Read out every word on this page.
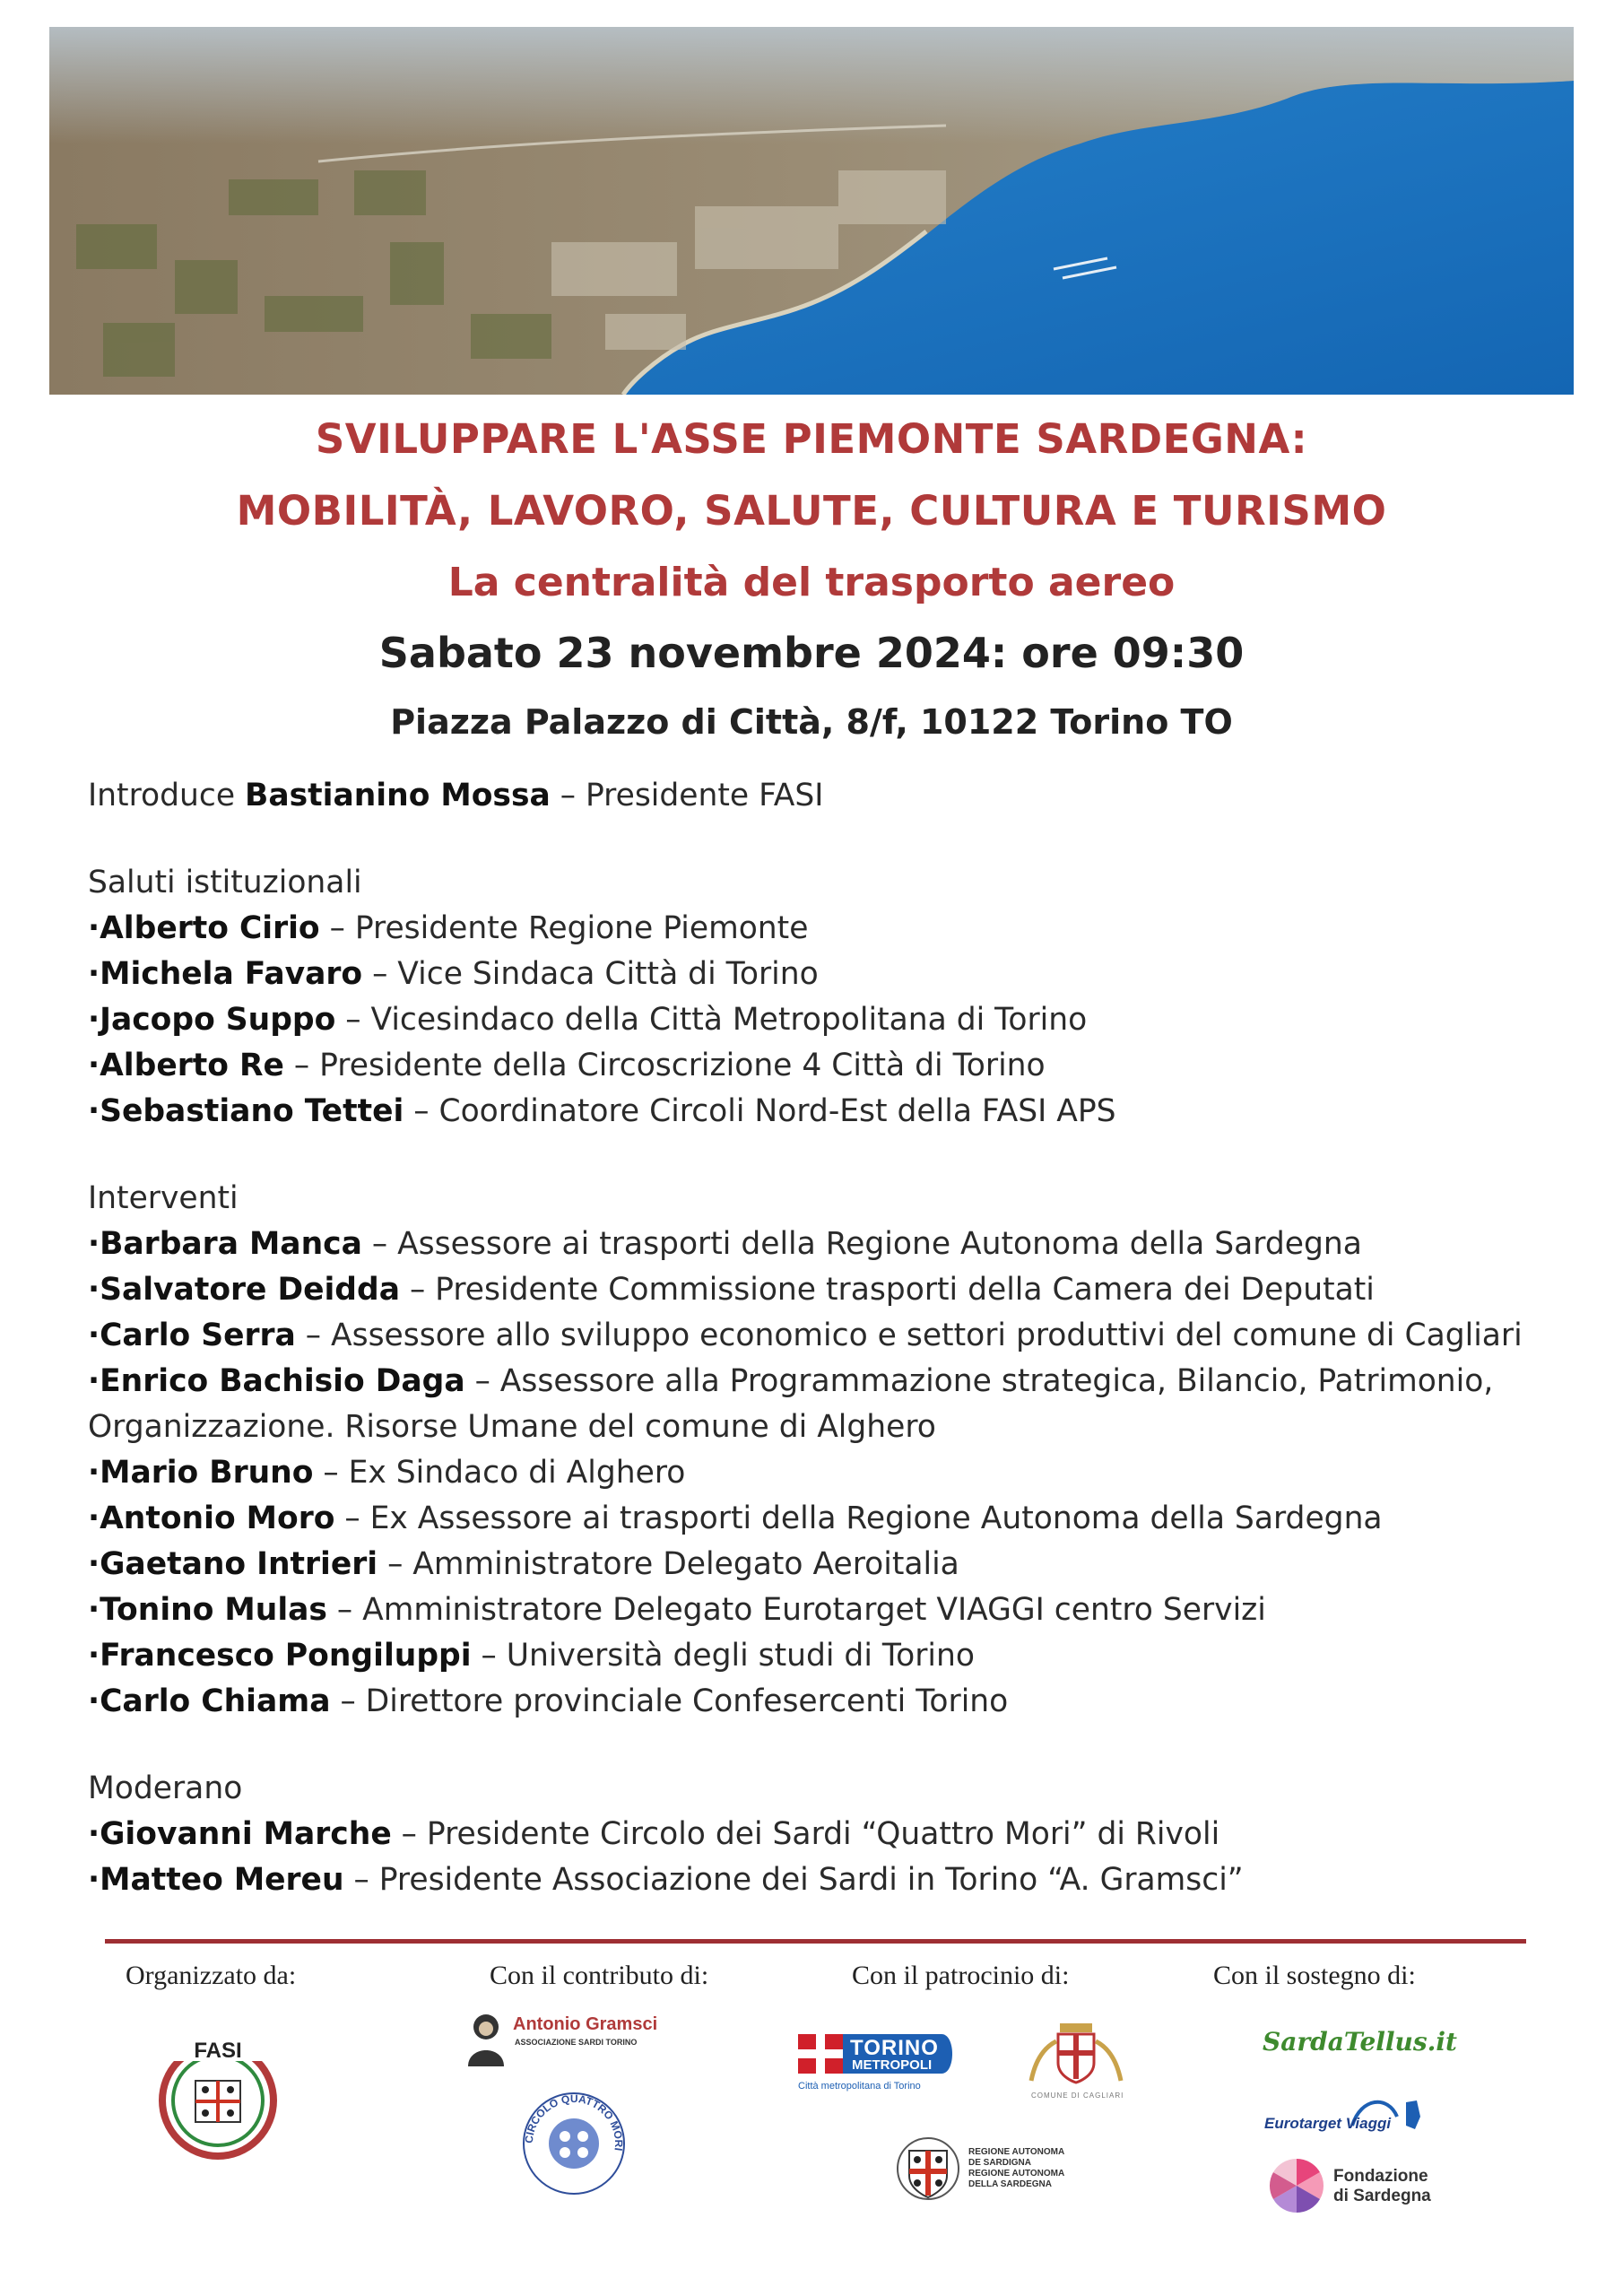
SVILUPPARE L'ASSE PIEMONTE SARDEGNA:
MOBILITÀ, LAVORO, SALUTE, CULTURA E TURISMO
La centralità del trasporto aereo
Sabato 23 novembre 2024: ore 09:30
Piazza Palazzo di Città, 8/f, 10122 Torino TO

Introduce Bastianino Mossa – Presidente FASI

Saluti istituzionali

·Alberto Cirio – Presidente Regione Piemonte

·Michela Favaro – Vice Sindaca Città di Torino

·Jacopo Suppo – Vicesindaco della Città Metropolitana di Torino

·Alberto Re – Presidente della Circoscrizione 4 Città di Torino

·Sebastiano Tettei – Coordinatore Circoli Nord-Est della FASI APS

Interventi

·Barbara Manca – Assessore ai trasporti della Regione Autonoma della Sardegna

·Salvatore Deidda – Presidente Commissione trasporti della Camera dei Deputati

·Carlo Serra – Assessore allo sviluppo economico e settori produttivi del comune di Cagliari

·Enrico Bachisio Daga – Assessore alla Programmazione strategica, Bilancio, Patrimonio, Organizzazione. Risorse Umane del comune di Alghero

·Mario Bruno – Ex Sindaco di Alghero

·Antonio Moro – Ex Assessore ai trasporti della Regione Autonoma della Sardegna

·Gaetano Intrieri – Amministratore Delegato Aeroitalia

·Tonino Mulas – Amministratore Delegato Eurotarget VIAGGI centro Servizi

·Francesco Pongiluppi – Università degli studi di Torino

·Carlo Chiama – Direttore provinciale Confesercenti Torino

Moderano

·Giovanni Marche – Presidente Circolo dei Sardi “Quattro Mori” di Rivoli

·Matteo Mereu – Presidente Associazione dei Sardi in Torino “A. Gramsci”

Organizzato da:	Con il contributo di:	Con il patrocinio di:	Con il sostegno di:
FASI
Antonio Gramsci
ASSOCIAZIONE SARDI TORINO
CIRCOLO QUATTRO MORI
TORINO
METROPOLI
Città metropolitana di Torino
COMUNE DI CAGLIARI
REGIONE AUTONOMA
DE SARDIGNA
REGIONE AUTONOMA
DELLA SARDEGNA
SardaTellus.it
Eurotarget Viaggi
Fondazione
di Sardegna
